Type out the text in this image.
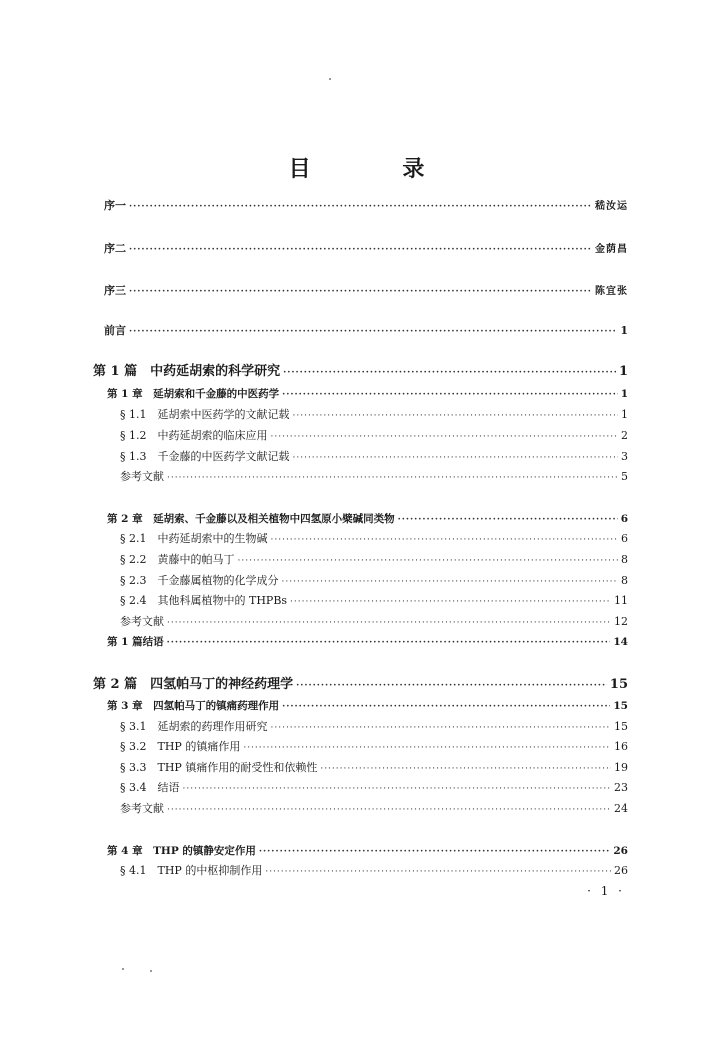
目 录
序一 ·····	嵇汝运
序二 ·····	金荫昌
序三 ·····	陈宜张
前言 ·····	1
第 1 篇　中药延胡索的科学研究 ·····	1
第 1 章　延胡索和千金藤的中医药学 ·····	1
§ 1.1　延胡索中医药学的文献记载 ·····	1
§ 1.2　中药延胡索的临床应用 ·····	2
§ 1.3　千金藤的中医药学文献记载 ·····	3
参考文献 ·····	5
第 2 章　延胡索、千金藤以及相关植物中四氢原小檗碱同类物 ·····	6
§ 2.1　中药延胡索中的生物碱 ·····	6
§ 2.2　黄藤中的帕马丁 ·····	8
§ 2.3　千金藤属植物的化学成分 ·····	8
§ 2.4　其他科属植物中的 THPBs ·····	11
参考文献 ·····	12
第 1 篇结语 ·····	14
第 2 篇　四氢帕马丁的神经药理学 ·····	15
第 3 章　四氢帕马丁的镇痛药理作用 ·····	15
§ 3.1　延胡索的药理作用研究 ·····	15
§ 3.2　THP 的镇痛作用 ·····	16
§ 3.3　THP 镇痛作用的耐受性和依赖性 ·····	19
§ 3.4　结语 ·····	23
参考文献 ·····	24
第 4 章　THP 的镇静安定作用 ·····	26
§ 4.1　THP 的中枢抑制作用 ·····	26
· 1 ·
